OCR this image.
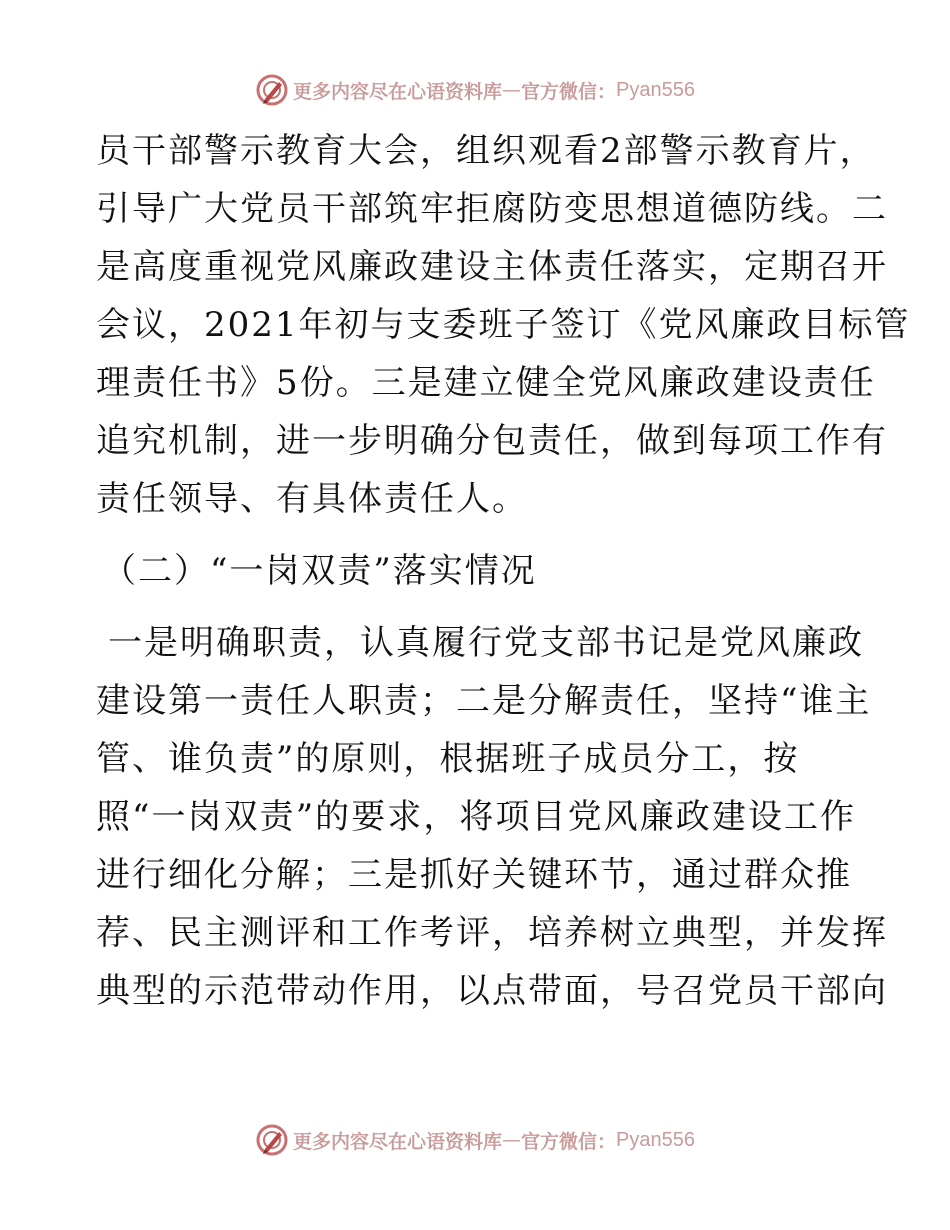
更多内容尽在心语资料库 — 官方微信： Pyan556
员干部警示教育大会，组织观看2部警示教育片，
引导广大党员干部筑牢拒腐防变思想道德防线。二
是高度重视党风廉政建设主体责任落实，定期召开
会议，2021年初与支委班子签订《党风廉政目标管
理责任书》5份。三是建立健全党风廉政建设责任
追究机制，进一步明确分包责任，做到每项工作有
责任领导、有具体责任人。
（二）“一岗双责”落实情况
一是明确职责，认真履行党支部书记是党风廉政
建设第一责任人职责；二是分解责任，坚持“谁主
管、谁负责”的原则，根据班子成员分工，按
照“一岗双责”的要求，将项目党风廉政建设工作
进行细化分解；三是抓好关键环节，通过群众推
荐、民主测评和工作考评，培养树立典型，并发挥
典型的示范带动作用，以点带面，号召党员干部向
更多内容尽在心语资料库 — 官方微信： Pyan556
